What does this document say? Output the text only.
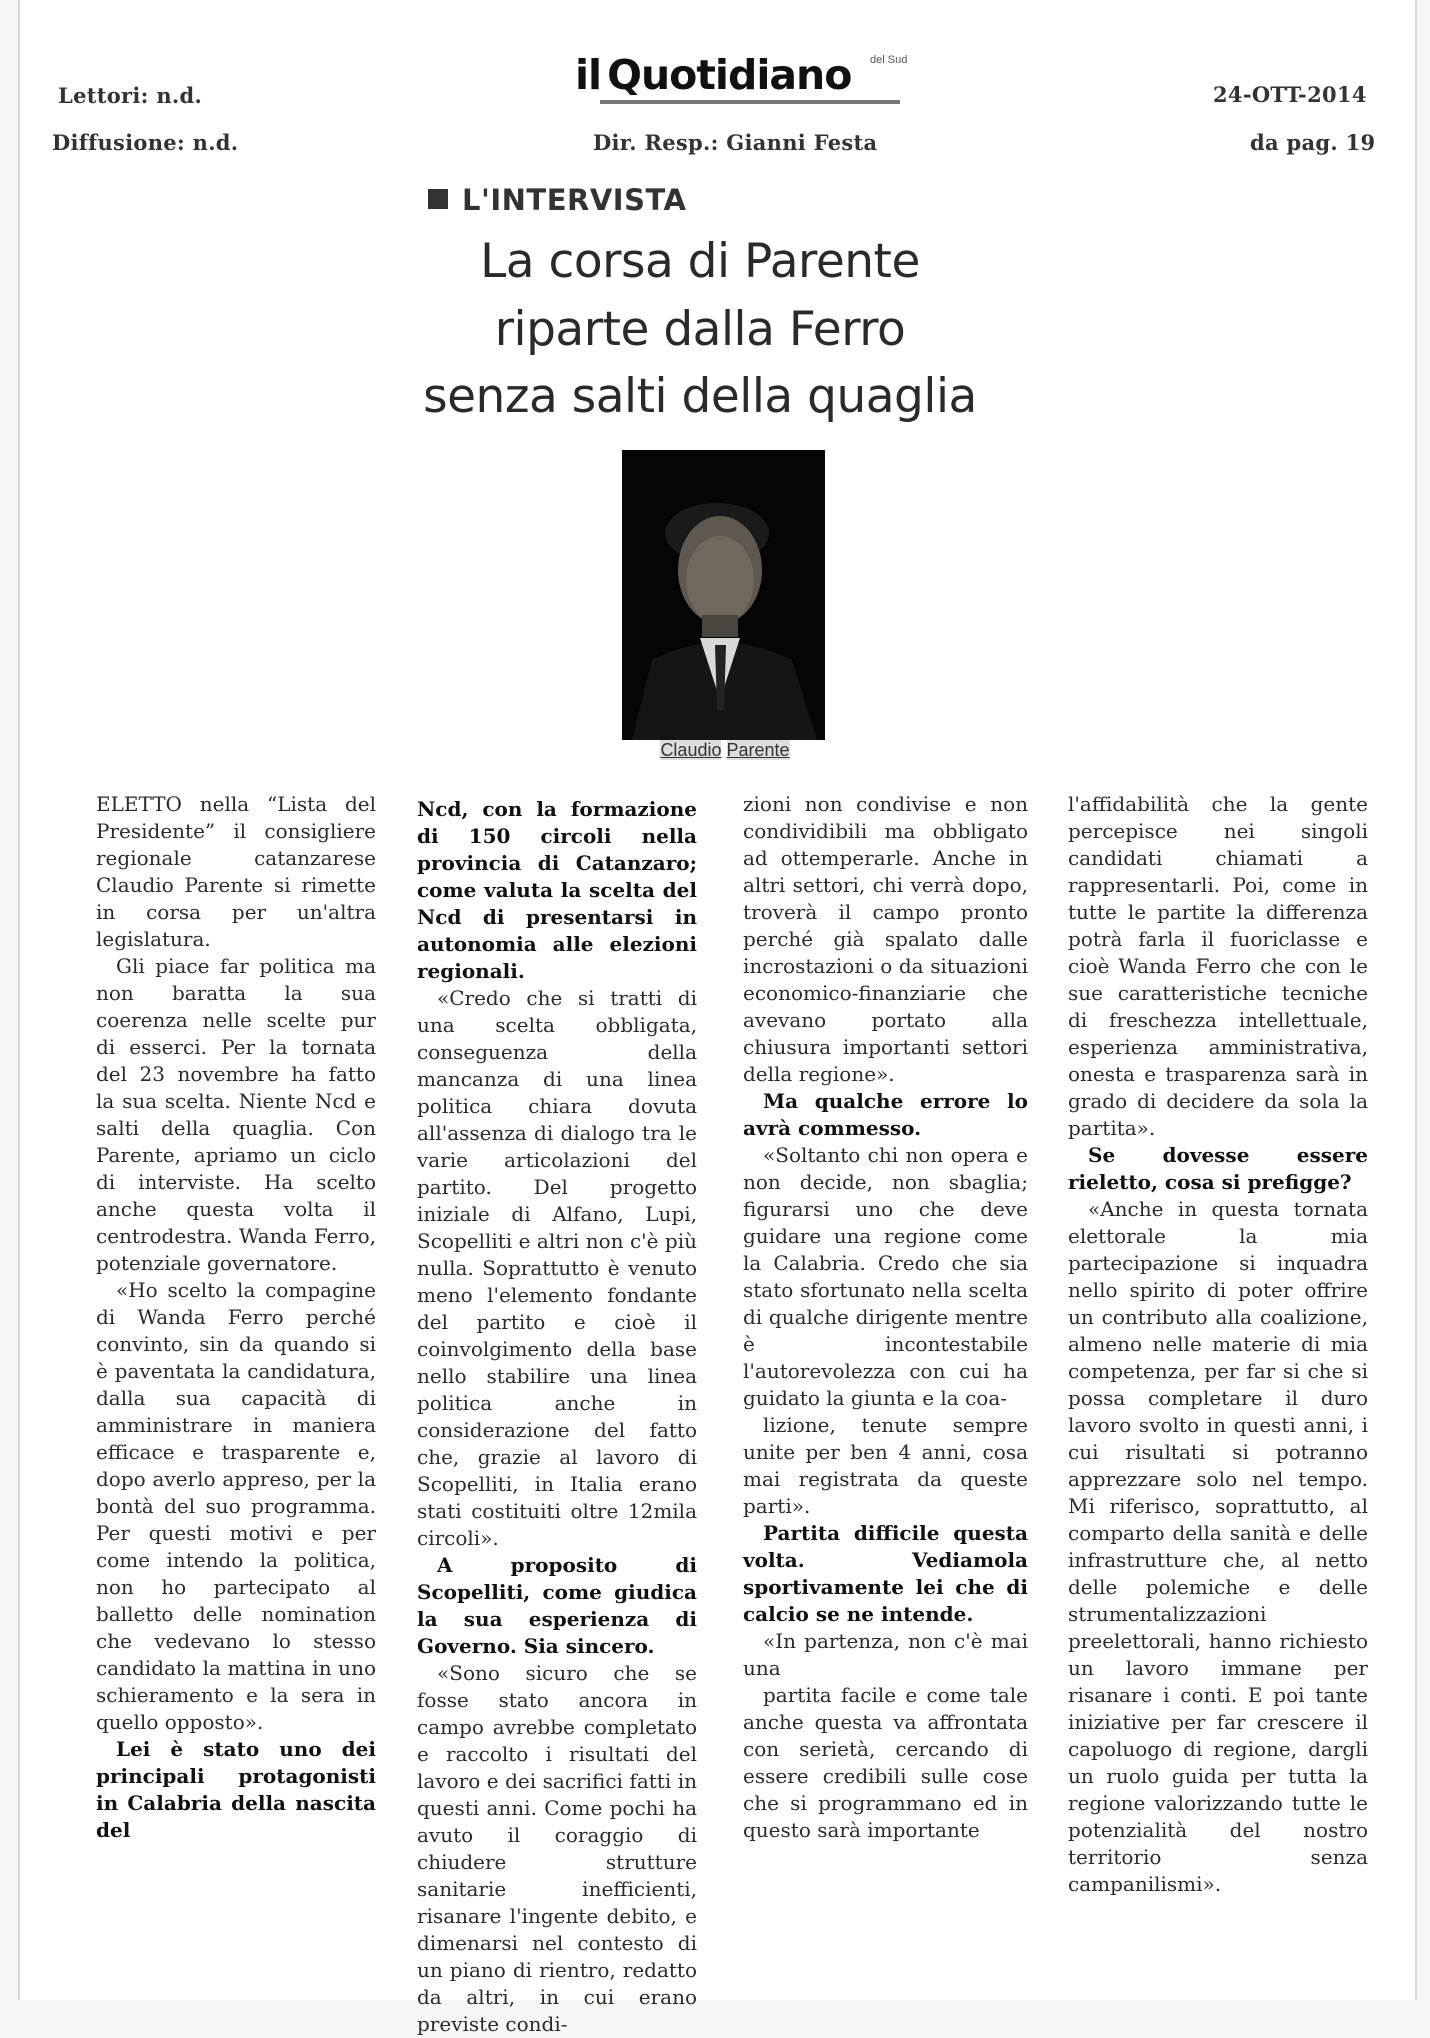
Lettori: n.d.
Diffusione: n.d.
il Quotidiano del Sud
Dir. Resp.: Gianni Festa
24-OTT-2014
da pag. 19
L'INTERVISTA
La corsa di Parente
riparte dalla Ferro
senza salti della quaglia
Claudio Parente

ELETTO nella “Lista del Presidente” il consigliere regionale catanzarese Claudio Parente si rimette in corsa per un'altra legislatura.

Gli piace far politica ma non baratta la sua coerenza nelle scelte pur di esserci. Per la tornata del 23 novembre ha fatto la sua scelta. Niente Ncd e salti della quaglia. Con Parente, apriamo un ciclo di interviste. Ha scelto anche questa volta il centrodestra. Wanda Ferro, potenziale governatore.

«Ho scelto la compagine di Wanda Ferro perché convinto, sin da quando si è paventata la candidatura, dalla sua capacità di amministrare in maniera efficace e trasparente e, dopo averlo appreso, per la bontà del suo programma. Per questi motivi e per come intendo la politica, non ho partecipato al balletto delle nomination che vedevano lo stesso candidato la mattina in uno schieramento e la sera in quello opposto».

Lei è stato uno dei principali protagonisti in Calabria della nascita del

Ncd, con la formazione di 150 circoli nella provincia di Catanzaro; come valuta la scelta del Ncd di presentarsi in autonomia alle elezioni regionali.

«Credo che si tratti di una scelta obbligata, conseguenza della mancanza di una linea politica chiara dovuta all'assenza di dialogo tra le varie articolazioni del partito. Del progetto iniziale di Alfano, Lupi, Scopelliti e altri non c'è più nulla. Soprattutto è venuto meno l'elemento fondante del partito e cioè il coinvolgimento della base nello stabilire una linea politica anche in considerazione del fatto che, grazie al lavoro di Scopelliti, in Italia erano stati costituiti oltre 12mila circoli».

A proposito di Scopelliti, come giudica la sua esperienza di Governo. Sia sincero.

«Sono sicuro che se fosse stato ancora in campo avrebbe completato e raccolto i risultati del lavoro e dei sacrifici fatti in questi anni. Come pochi ha avuto il coraggio di chiudere strutture sanitarie inefficienti, risanare l'ingente debito, e dimenarsi nel contesto di un piano di rientro, redatto da altri, in cui erano previste condi-

zioni non condivise e non condividibili ma obbligato ad ottemperarle. Anche in altri settori, chi verrà dopo, troverà il campo pronto perché già spalato dalle incrostazioni o da situazioni economico-finanziarie che avevano portato alla chiusura importanti settori della regione».

Ma qualche errore lo avrà commesso.

«Soltanto chi non opera e non decide, non sbaglia; figurarsi uno che deve guidare una regione come la Calabria. Credo che sia stato sfortunato nella scelta di qualche dirigente mentre è incontestabile l'autorevolezza con cui ha guidato la giunta e la coa-

lizione, tenute sempre unite per ben 4 anni, cosa mai registrata da queste parti».

Partita difficile questa volta. Vediamola sportivamente lei che di calcio se ne intende.

«In partenza, non c'è mai una

partita facile e come tale anche questa va affrontata con serietà, cercando di essere credibili sulle cose che si programmano ed in questo sarà importante

l'affidabilità che la gente percepisce nei singoli candidati chiamati a rappresentarli. Poi, come in tutte le partite la differenza potrà farla il fuoriclasse e cioè Wanda Ferro che con le sue caratteristiche tecniche di freschezza intellettuale, esperienza amministrativa, onesta e trasparenza sarà in grado di decidere da sola la partita».

Se dovesse essere rieletto, cosa si prefigge?

«Anche in questa tornata elettorale la mia partecipazione si inquadra nello spirito di poter offrire un contributo alla coalizione, almeno nelle materie di mia competenza, per far si che si possa completare il duro lavoro svolto in questi anni, i cui risultati si potranno apprezzare solo nel tempo. Mi riferisco, soprattutto, al comparto della sanità e delle infrastrutture che, al netto delle polemiche e delle strumentalizzazioni preelettorali, hanno richiesto un lavoro immane per risanare i conti. E poi tante iniziative per far crescere il capoluogo di regione, dargli un ruolo guida per tutta la regione valorizzando tutte le potenzialità del nostro territorio senza campanilismi».
